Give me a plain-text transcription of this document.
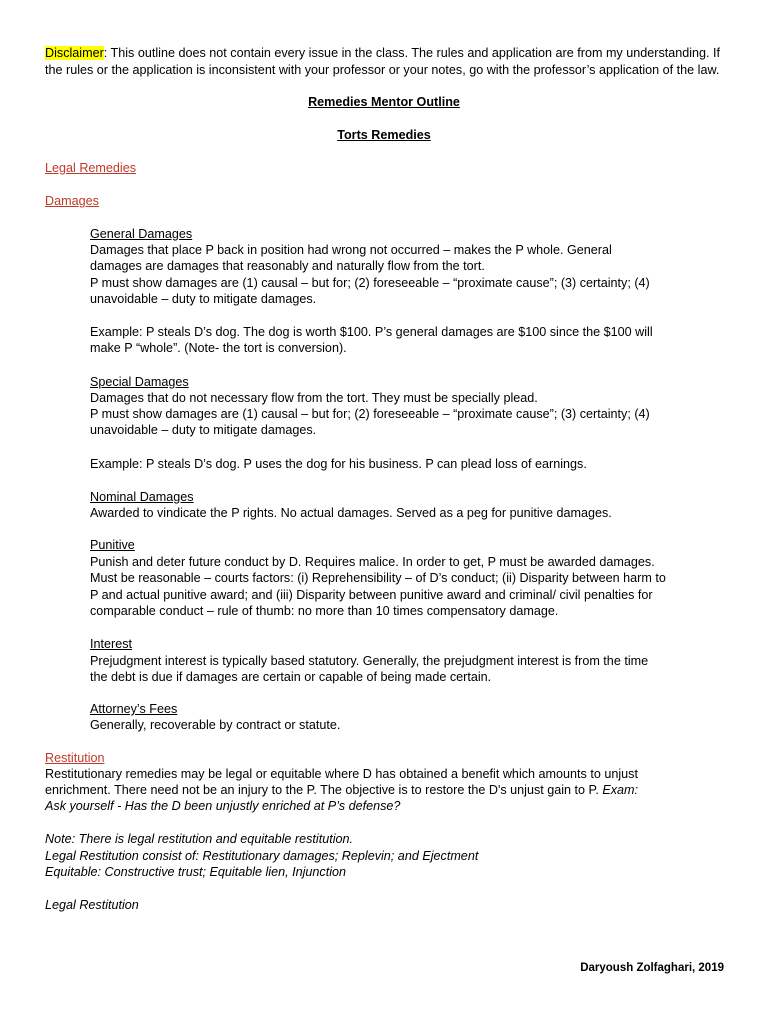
Disclaimer: This outline does not contain every issue in the class. The rules and application are from my understanding. If

the rules or the application is inconsistent with your professor or your notes, go with the professor’s application of the law.

Remedies Mentor Outline

Torts Remedies

Legal Remedies

Damages

General Damages

Damages that place P back in position had wrong not occurred – makes the P whole. General

damages are damages that reasonably and naturally flow from the tort.

P must show damages are (1) causal – but for; (2) foreseeable – “proximate cause”; (3) certainty; (4)

unavoidable – duty to mitigate damages.

Example: P steals D’s dog. The dog is worth $100. P’s general damages are $100 since the $100 will

make P “whole”. (Note- the tort is conversion).

Special Damages

Damages that do not necessary flow from the tort. They must be specially plead.

P must show damages are (1) causal – but for; (2) foreseeable – “proximate cause”; (3) certainty; (4)

unavoidable – duty to mitigate damages.

Example: P steals D’s dog. P uses the dog for his business. P can plead loss of earnings.

Nominal Damages

Awarded to vindicate the P rights. No actual damages. Served as a peg for punitive damages.

Punitive

Punish and deter future conduct by D. Requires malice. In order to get, P must be awarded damages.

Must be reasonable – courts factors: (i) Reprehensibility – of D’s conduct; (ii) Disparity between harm to

P and actual punitive award; and (iii) Disparity between punitive award and criminal/ civil penalties for

comparable conduct – rule of thumb: no more than 10 times compensatory damage.

Interest

Prejudgment interest is typically based statutory. Generally, the prejudgment interest is from the time

the debt is due if damages are certain or capable of being made certain.

Attorney’s Fees

Generally, recoverable by contract or statute.

Restitution

Restitutionary remedies may be legal or equitable where D has obtained a benefit which amounts to unjust

enrichment. There need not be an injury to the P. The objective is to restore the D's unjust gain to P. Exam:

Ask yourself - Has the D been unjustly enriched at P’s defense?

Note: There is legal restitution and equitable restitution.

Legal Restitution consist of: Restitutionary damages; Replevin; and Ejectment

Equitable: Constructive trust; Equitable lien, Injunction

Legal Restitution

Daryoush Zolfaghari, 2019
